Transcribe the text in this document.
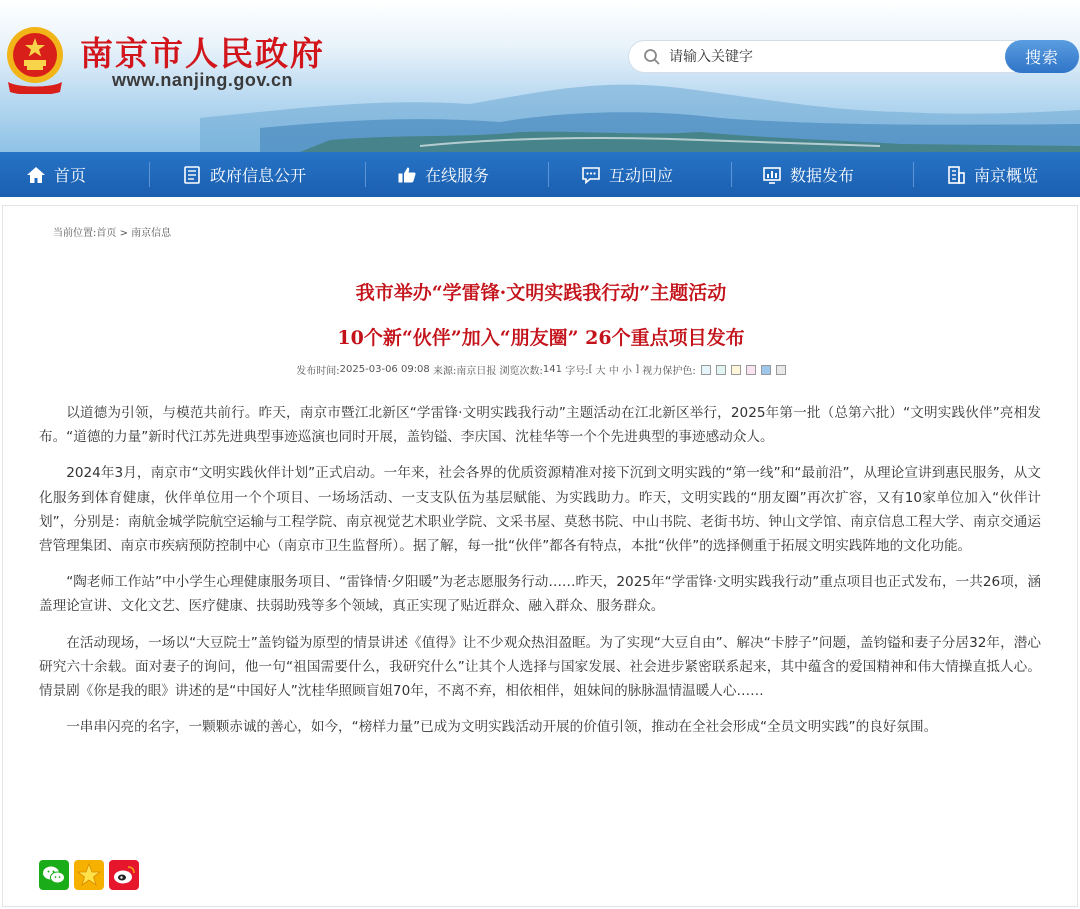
南京市人民政府
www.nanjing.gov.cn
请输入关键字
搜索
首页	政府信息公开	在线服务	互动回应	数据发布	南京概览
当前位置:首页 > 南京信息
我市举办“学雷锋·文明实践我行动”主题活动
10个新“伙伴”加入“朋友圈” 26个重点项目发布
发布时间: 2025-03-06 09:08
来源: 南京日报
浏览次数: 141
字号: [
大
中
小
]
视力保护色:

以道德为引领，与模范共前行。昨天，南京市暨江北新区“学雷锋·文明实践我行动”主题活动在江北新区举行，2025年第一批（总第六批）“文明实践伙伴”亮相发布。“道德的力量”新时代江苏先进典型事迹巡演也同时开展，盖钧镒、李庆国、沈桂华等一个个先进典型的事迹感动众人。

2024年3月，南京市“文明实践伙伴计划”正式启动。一年来，社会各界的优质资源精准对接下沉到文明实践的“第一线”和“最前沿”，从理论宣讲到惠民服务，从文化服务到体育健康，伙伴单位用一个个项目、一场场活动、一支支队伍为基层赋能、为实践助力。昨天，文明实践的“朋友圈”再次扩容，又有10家单位加入“伙伴计划”，分别是：南航金城学院航空运输与工程学院、南京视觉艺术职业学院、文采书屋、莫愁书院、中山书院、老街书坊、钟山文学馆、南京信息工程大学、南京交通运营管理集团、南京市疾病预防控制中心（南京市卫生监督所）。据了解，每一批“伙伴”都各有特点，本批“伙伴”的选择侧重于拓展文明实践阵地的文化功能。

“陶老师工作站”中小学生心理健康服务项目、“雷锋情·夕阳暖”为老志愿服务行动……昨天，2025年“学雷锋·文明实践我行动”重点项目也正式发布，一共26项，涵盖理论宣讲、文化文艺、医疗健康、扶弱助残等多个领域，真正实现了贴近群众、融入群众、服务群众。

在活动现场，一场以“大豆院士”盖钧镒为原型的情景讲述《值得》让不少观众热泪盈眶。为了实现“大豆自由”、解决“卡脖子”问题，盖钧镒和妻子分居32年，潜心研究六十余载。面对妻子的询问，他一句“祖国需要什么，我研究什么”让其个人选择与国家发展、社会进步紧密联系起来，其中蕴含的爱国精神和伟大情操直抵人心。情景剧《你是我的眼》讲述的是“中国好人”沈桂华照顾盲姐70年，不离不弃，相依相伴，姐妹间的脉脉温情温暖人心……

一串串闪亮的名字，一颗颗赤诚的善心，如今，“榜样力量”已成为文明实践活动开展的价值引领，推动在全社会形成“全员文明实践”的良好氛围。
